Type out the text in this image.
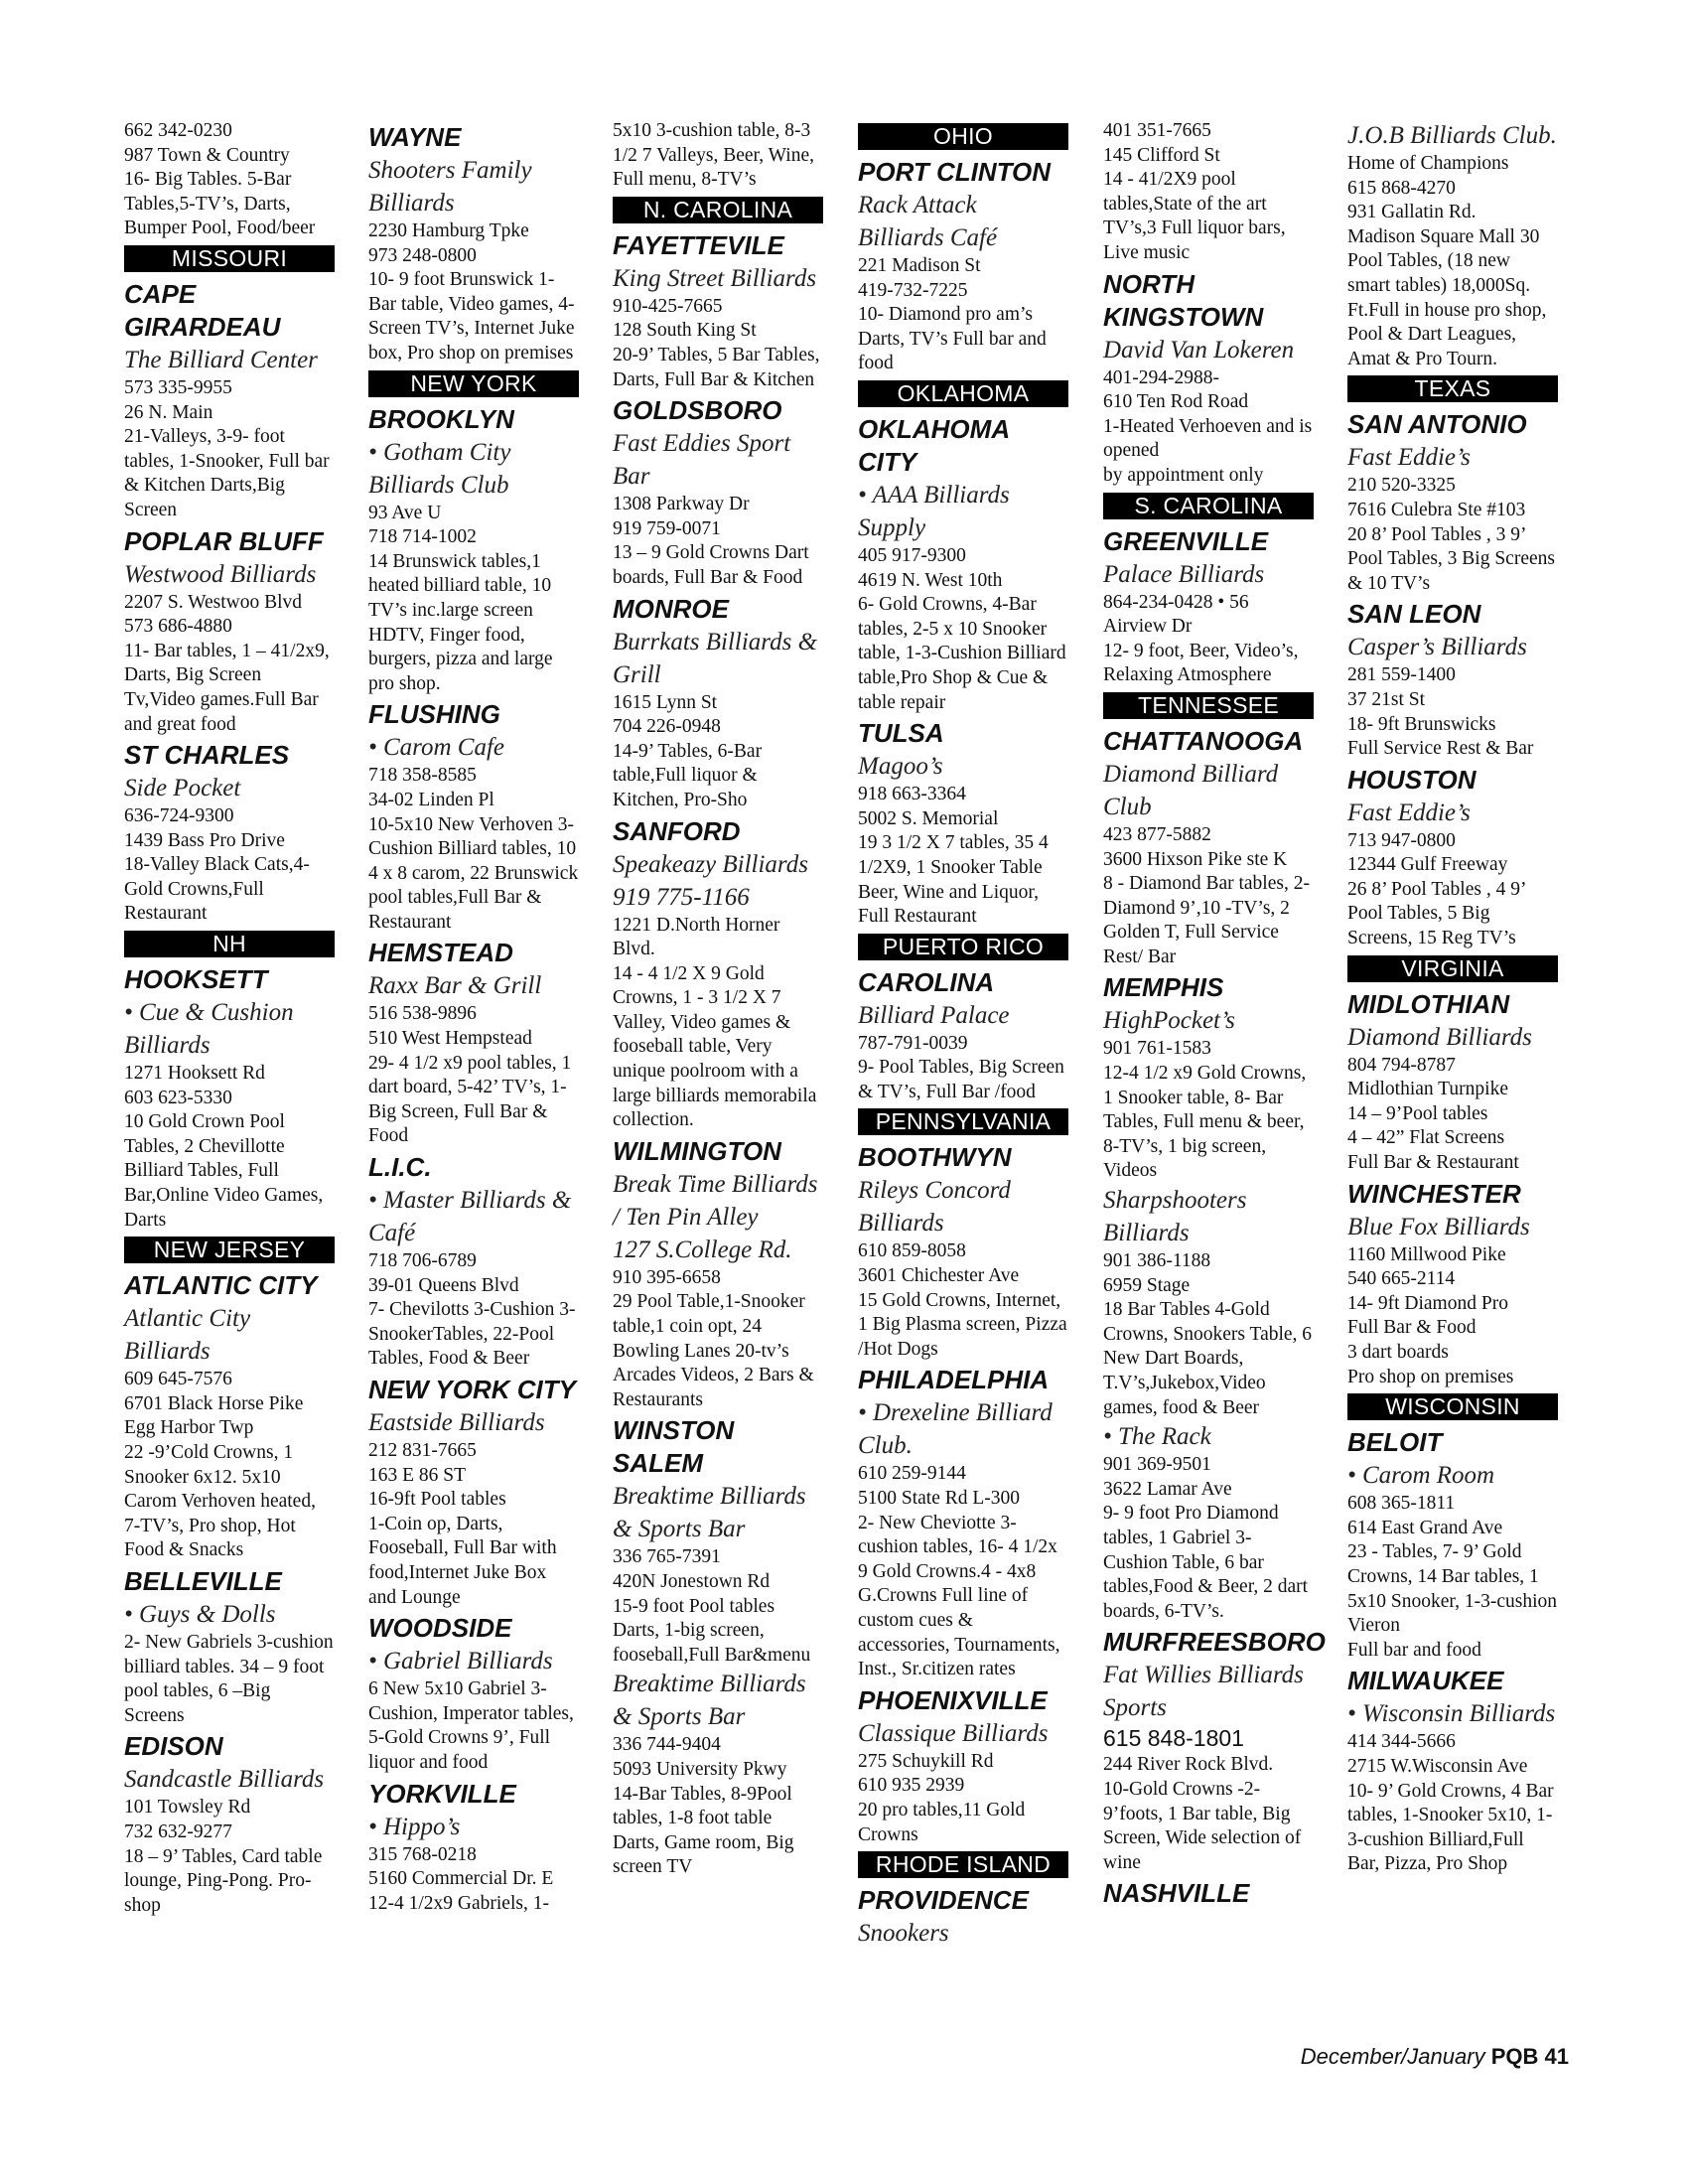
662 342-0230
987 Town & Country
16- Big Tables. 5-Bar Tables,5-TV’s, Darts, Bumper Pool, Food/beer
MISSOURI
CAPE GIRARDEAU
The Billiard Center
573 335-9955
26 N. Main
21-Valleys, 3-9- foot tables, 1-Snooker, Full bar & Kitchen Darts,Big Screen
POPLAR BLUFF
Westwood Billiards
2207 S. Westwoo Blvd
573 686-4880
11- Bar tables, 1 – 41/2x9, Darts, Big Screen Tv,Video games.Full Bar and great food
ST CHARLES
Side Pocket
636-724-9300
1439 Bass Pro Drive
18-Valley Black Cats,4-Gold Crowns,Full Restaurant
NH
HOOKSETT
• Cue & Cushion Billiards
1271 Hooksett Rd
603 623-5330
10 Gold Crown Pool Tables, 2 Chevillotte Billiard Tables, Full Bar,Online Video Games, Darts
NEW JERSEY
ATLANTIC CITY
Atlantic City Billiards
609 645-7576
6701 Black Horse Pike Egg Harbor Twp
22 -9’Cold Crowns, 1 Snooker 6x12. 5x10 Carom Verhoven heated, 7-TV’s, Pro shop, Hot Food & Snacks
BELLEVILLE
• Guys & Dolls
2- New Gabriels 3-cushion billiard tables. 34 – 9 foot pool tables, 6 –Big Screens
EDISON
Sandcastle Billiards
101 Towsley Rd
732 632-9277
18 – 9’ Tables, Card table lounge, Ping-Pong. Pro-shop
WAYNE
Shooters Family Billiards
2230 Hamburg Tpke
973 248-0800
10- 9 foot Brunswick 1-Bar table, Video games, 4-Screen TV’s, Internet Juke box, Pro shop on premises
NEW YORK
BROOKLYN
• Gotham City Billiards Club
93 Ave U
718 714-1002
14 Brunswick tables,1 heated billiard table, 10 TV’s inc.large screen HDTV, Finger food, burgers, pizza and large pro shop.
FLUSHING
• Carom Cafe
718 358-8585
34-02 Linden Pl
10-5x10 New Verhoven 3-Cushion Billiard tables, 10 4 x 8 carom, 22 Brunswick pool tables,Full Bar & Restaurant
HEMSTEAD
Raxx Bar & Grill
516 538-9896
510 West Hempstead
29- 4 1/2 x9 pool tables, 1 dart board, 5-42’ TV’s, 1-Big Screen, Full Bar & Food
L.I.C.
• Master Billiards & Café
718 706-6789
39-01 Queens Blvd
7- Chevilotts 3-Cushion 3-SnookerTables, 22-Pool Tables, Food & Beer
NEW YORK CITY
Eastside Billiards
212 831-7665
163 E 86 ST
16-9ft Pool tables
1-Coin op, Darts, Fooseball, Full Bar with food,Internet Juke Box and Lounge
WOODSIDE
• Gabriel Billiards
6 New 5x10 Gabriel 3-Cushion, Imperator tables, 5-Gold Crowns 9’, Full liquor and food
YORKVILLE
• Hippo’s
315 768-0218
5160 Commercial Dr. E
12-4 1/2x9 Gabriels, 1-
5x10 3-cushion table, 8-3 1/2 7 Valleys, Beer, Wine, Full menu, 8-TV’s
N. CAROLINA
FAYETTEVILE
King Street Billiards
910-425-7665
128 South King St
20-9’ Tables, 5 Bar Tables, Darts, Full Bar & Kitchen
GOLDSBORO
Fast Eddies Sport Bar
1308 Parkway Dr
919 759-0071
13 – 9 Gold Crowns Dart boards, Full Bar & Food
MONROE
Burrkats Billiards & Grill
1615 Lynn St
704 226-0948
14-9’ Tables, 6-Bar table,Full liquor & Kitchen, Pro-Sho
SANFORD
Speakeazy Billiards
919 775-1166
1221 D.North Horner Blvd.
14 - 4 1/2 X 9 Gold Crowns, 1 - 3 1/2 X 7 Valley, Video games & fooseball table, Very unique poolroom with a large billiards memorabila collection.
WILMINGTON
Break Time Billiards / Ten Pin Alley
127 S.College Rd.
910 395-6658
29 Pool Table,1-Snooker table,1 coin opt, 24 Bowling Lanes 20-tv’s Arcades Videos, 2 Bars & Restaurants
WINSTON SALEM
Breaktime Billiards & Sports Bar
336 765-7391
420N Jonestown Rd
15-9 foot Pool tables Darts, 1-big screen, fooseball,Full Bar&menu
Breaktime Billiards & Sports Bar
336 744-9404
5093 University Pkwy
14-Bar Tables, 8-9Pool tables, 1-8 foot table Darts, Game room, Big screen TV
OHIO
PORT CLINTON
Rack Attack Billiards Café
221 Madison St
419-732-7225
10- Diamond pro am’s Darts, TV’s Full bar and food
OKLAHOMA
OKLAHOMA CITY
• AAA Billiards Supply
405 917-9300
4619 N. West 10th
6- Gold Crowns, 4-Bar tables, 2-5 x 10 Snooker table, 1-3-Cushion Billiard table,Pro Shop & Cue & table repair
TULSA
Magoo’s
918 663-3364
5002 S. Memorial
19 3 1/2 X 7 tables, 35 4 1/2X9, 1 Snooker Table Beer, Wine and Liquor, Full Restaurant
PUERTO RICO
CAROLINA
Billiard Palace
787-791-0039
9- Pool Tables, Big Screen & TV’s, Full Bar /food
PENNSYLVANIA
BOOTHWYN
Rileys Concord Billiards
610 859-8058
3601 Chichester Ave
15 Gold Crowns, Internet, 1 Big Plasma screen, Pizza /Hot Dogs
PHILADELPHIA
• Drexeline Billiard Club.
610 259-9144
5100 State Rd L-300
2- New Cheviotte 3-cushion tables, 16- 4 1/2x 9 Gold Crowns.4 - 4x8 G.Crowns Full line of custom cues & accessories, Tournaments, Inst., Sr.citizen rates
PHOENIXVILLE
Classique Billiards
275 Schuykill Rd
610 935 2939
20 pro tables,11 Gold Crowns
RHODE ISLAND
PROVIDENCE
Snookers
401 351-7665
145 Clifford St
14 - 41/2X9 pool tables,State of the art TV’s,3 Full liquor bars, Live music
NORTH KINGSTOWN
David Van Lokeren
401-294-2988-
610 Ten Rod Road
1-Heated Verhoeven and is opened
by appointment only
S. CAROLINA
GREENVILLE
Palace Billiards
864-234-0428 • 56 Airview Dr
12- 9 foot, Beer, Video’s, Relaxing Atmosphere
TENNESSEE
CHATTANOOGA
Diamond Billiard Club
423 877-5882
3600 Hixson Pike ste K
8 - Diamond Bar tables, 2- Diamond 9’,10 -TV’s, 2 Golden T, Full Service Rest/ Bar
MEMPHIS
HighPocket’s
901 761-1583
12-4 1/2 x9 Gold Crowns, 1 Snooker table, 8- Bar Tables, Full menu & beer, 8-TV’s, 1 big screen, Videos
Sharpshooters Billiards
901 386-1188
6959 Stage
18 Bar Tables 4-Gold Crowns, Snookers Table, 6 New Dart Boards, T.V’s,Jukebox,Video games, food & Beer
• The Rack
901 369-9501
3622 Lamar Ave
9- 9 foot Pro Diamond tables, 1 Gabriel 3-Cushion Table, 6 bar tables,Food & Beer, 2 dart boards, 6-TV’s.
MURFREESBORO
Fat Willies Billiards Sports
615 848-1801
244 River Rock Blvd.
10-Gold Crowns -2-9’foots, 1 Bar table, Big Screen, Wide selection of wine
NASHVILLE
J.O.B Billiards Club.
Home of Champions
615 868-4270
931 Gallatin Rd.
Madison Square Mall 30 Pool Tables, (18 new smart tables) 18,000Sq. Ft.Full in house pro shop, Pool & Dart Leagues, Amat & Pro Tourn.
TEXAS
SAN ANTONIO
Fast Eddie’s
210 520-3325
7616 Culebra Ste #103
20 8’ Pool Tables , 3 9’ Pool Tables, 3 Big Screens & 10 TV’s
SAN LEON
Casper’s Billiards
281 559-1400
37 21st St
18- 9ft Brunswicks
Full Service Rest & Bar
HOUSTON
Fast Eddie’s
713 947-0800
12344 Gulf Freeway
26 8’ Pool Tables , 4 9’ Pool Tables, 5 Big Screens, 15 Reg TV’s
VIRGINIA
MIDLOTHIAN
Diamond Billiards
804 794-8787
Midlothian Turnpike
14 – 9’Pool tables
4 – 42” Flat Screens
Full Bar & Restaurant
WINCHESTER
Blue Fox Billiards
1160 Millwood Pike
540 665-2114
14- 9ft Diamond Pro
Full Bar & Food
3 dart boards
Pro shop on premises
WISCONSIN
BELOIT
• Carom Room
608 365-1811
614 East Grand Ave
23 - Tables, 7- 9’ Gold Crowns, 14 Bar tables, 1 5x10 Snooker, 1-3-cushion Vieron
Full bar and food
MILWAUKEE
• Wisconsin Billiards
414 344-5666
2715 W.Wisconsin Ave
10- 9’ Gold Crowns, 4 Bar tables, 1-Snooker 5x10, 1-3-cushion Billiard,Full Bar, Pizza, Pro Shop
December/January PQB 41
